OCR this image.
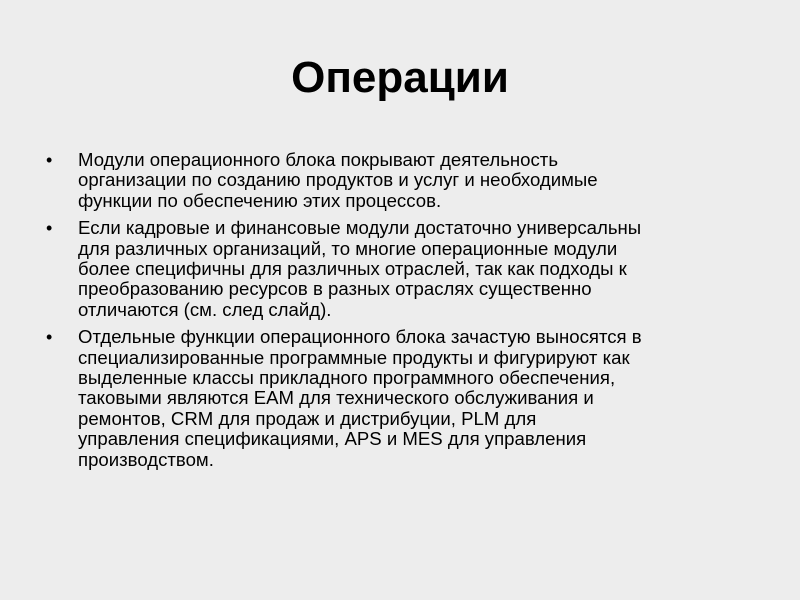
Операции
•	Модули операционного блока покрывают деятельность
организации по созданию продуктов и услуг и необходимые
функции по обеспечению этих процессов.
•	Если кадровые и финансовые модули достаточно универсальны
для различных организаций, то многие операционные модули
более специфичны для различных отраслей, так как подходы к
преобразованию ресурсов в разных отраслях существенно
отличаются (см. след слайд).
•	Отдельные функции операционного блока зачастую выносятся в
специализированные программные продукты и фигурируют как
выделенные классы прикладного программного обеспечения,
таковыми являются EAM для технического обслуживания и
ремонтов, CRM для продаж и дистрибуции, PLM для
управления спецификациями, APS и MES для управления
производством.
